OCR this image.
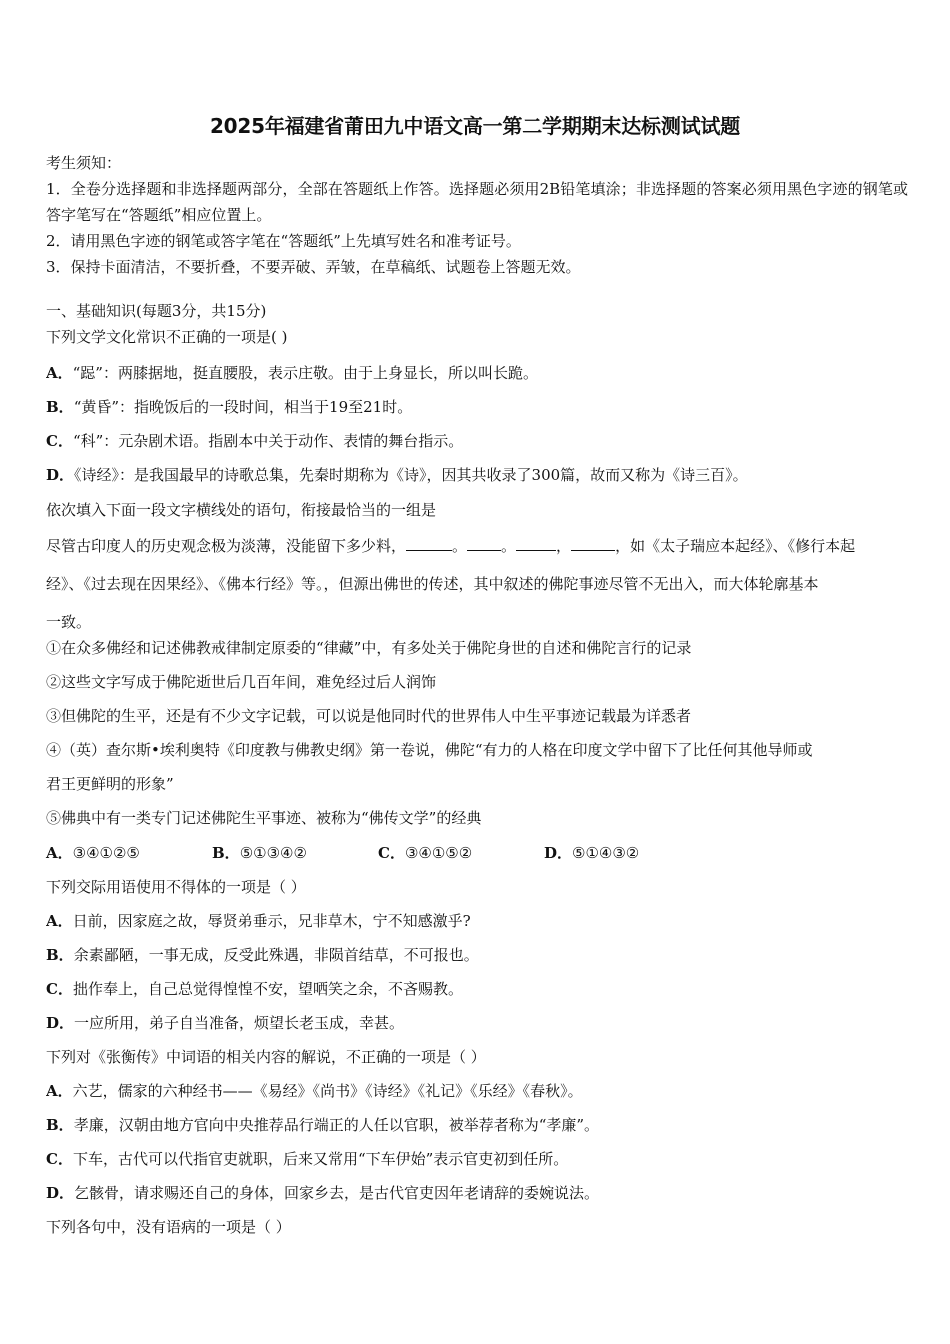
2025年福建省莆田九中语文高一第二学期期末达标测试试题
考生须知：
1．全卷分选择题和非选择题两部分，全部在答题纸上作答。选择题必须用2B铅笔填涂；非选择题的答案必须用黑色字迹的钢笔或答字笔写在“答题纸”相应位置上。
2．请用黑色字迹的钢笔或答字笔在“答题纸”上先填写姓名和准考证号。
3．保持卡面清洁，不要折叠，不要弄破、弄皱，在草稿纸、试题卷上答题无效。
一、基础知识(每题3分，共15分)
下列文学文化常识不正确的一项是( )
A．“跽”：两膝据地，挺直腰股，表示庄敬。由于上身显长，所以叫长跪。
B．“黄昏”：指晚饭后的一段时间，相当于19至21时。
C．“科”：元杂剧术语。指剧本中关于动作、表情的舞台指示。
D．《诗经》：是我国最早的诗歌总集，先秦时期称为《诗》，因其共收录了300篇，故而又称为《诗三百》。
依次填入下面一段文字横线处的语句，衔接最恰当的一组是
尽管古印度人的历史观念极为淡薄，没能留下多少料，	。 。	，	，如《太子瑞应本起经》、《修行本起
经》、《过去现在因果经》、《佛本行经》等。，但源出佛世的传述，其中叙述的佛陀事迹尽管不无出入，而大体轮廓基本
一致。
①在众多佛经和记述佛教戒律制定原委的“律藏”中，有多处关于佛陀身世的自述和佛陀言行的记录
②这些文字写成于佛陀逝世后几百年间，难免经过后人润饰
③但佛陀的生平，还是有不少文字记载，可以说是他同时代的世界伟人中生平事迹记载最为详悉者
④（英）查尔斯•埃利奥特《印度教与佛教史纲》第一卷说，佛陀“有力的人格在印度文学中留下了比任何其他导师或
君王更鲜明的形象”
⑤佛典中有一类专门记述佛陀生平事迹、被称为“佛传文学”的经典
A．③④①②⑤	B．⑤①③④②	C．③④①⑤②	D．⑤①④③②
下列交际用语使用不得体的一项是（ ）
A．日前，因家庭之故，辱贤弟垂示，兄非草木，宁不知感激乎?
B．余素鄙陋，一事无成，反受此殊遇，非陨首结草，不可报也。
C．拙作奉上，自己总觉得惶惶不安，望哂笑之余，不吝赐教。
D．一应所用，弟子自当准备，烦望长老玉成，幸甚。
下列对《张衡传》中词语的相关内容的解说，不正确的一项是（ ）
A．六艺，儒家的六种经书——《易经》《尚书》《诗经》《礼记》《乐经》《春秋》。
B．孝廉，汉朝由地方官向中央推荐品行端正的人任以官职，被举荐者称为“孝廉”。
C．下车，古代可以代指官吏就职，后来又常用“下车伊始”表示官吏初到任所。
D．乞骸骨，请求赐还自己的身体，回家乡去，是古代官吏因年老请辞的委婉说法。
下列各句中，没有语病的一项是（ ）
